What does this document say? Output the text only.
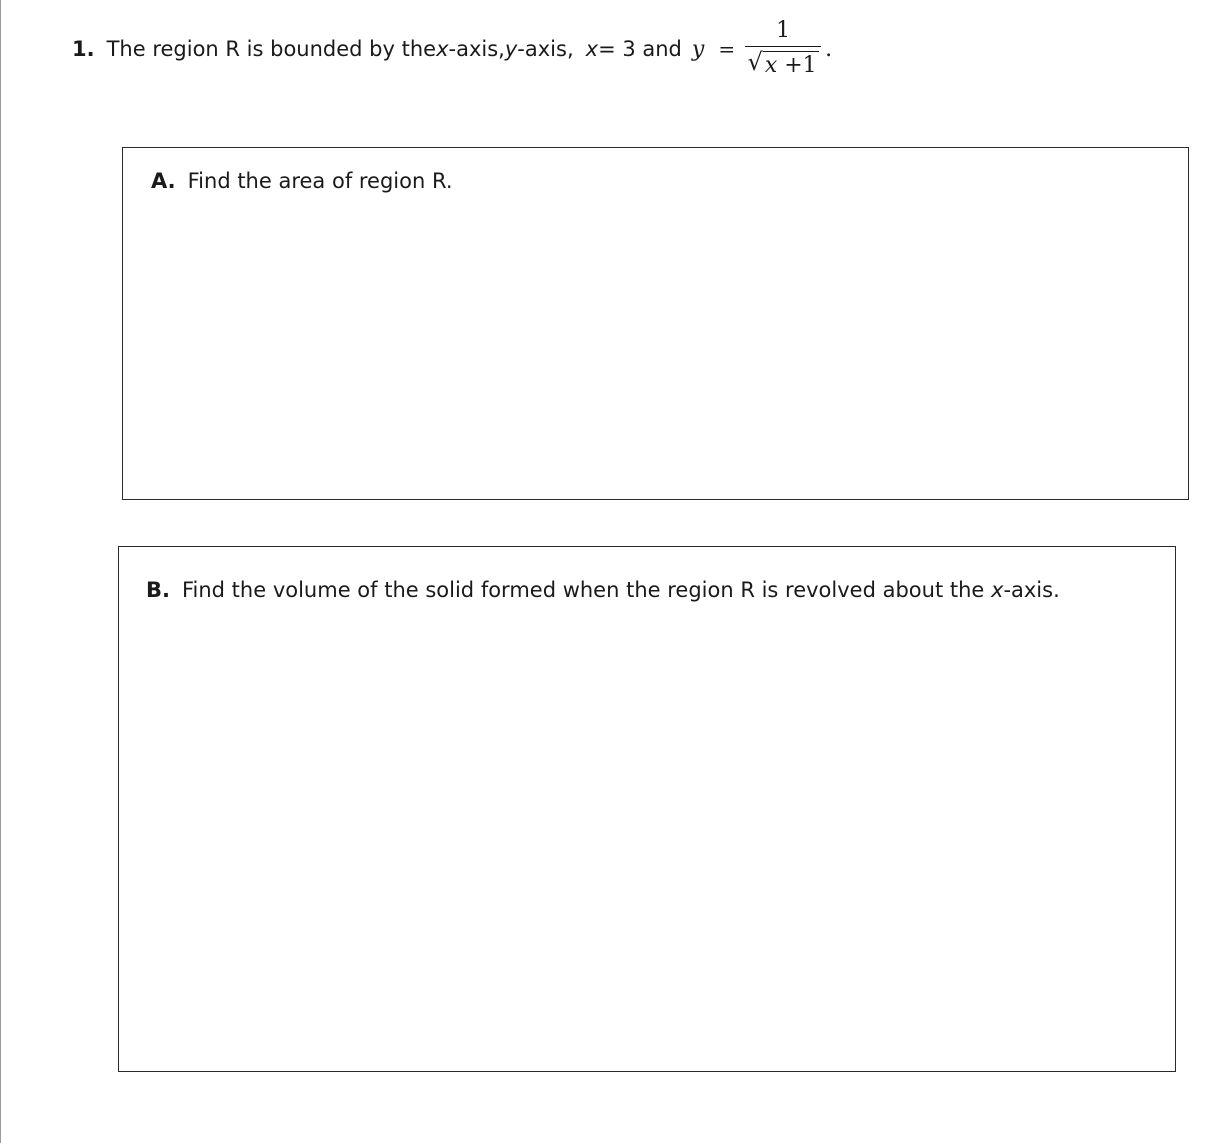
1. The region R is bounded by the x -axis, y -axis, x = 3 and $y = \frac{1}{√ x +1}$ .
A. Find the area of region R.
B. Find the volume of the solid formed when the region R is revolved about the x-axis.
